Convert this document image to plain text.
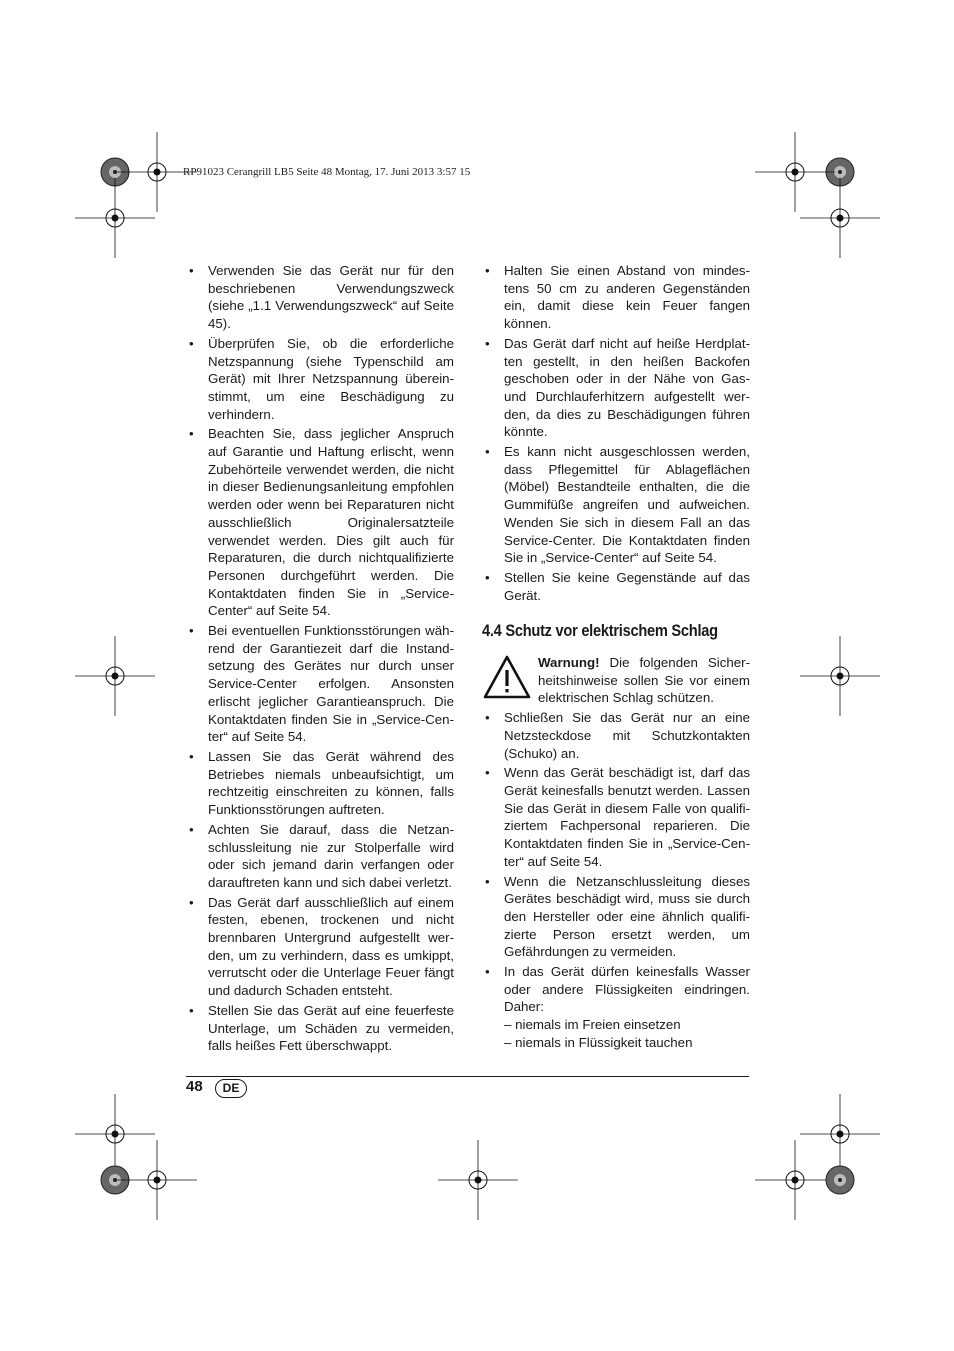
RP91023 Cerangrill LB5 Seite 48 Montag, 17. Juni 2013 3:57 15
• Verwenden Sie das Gerät nur für den beschriebenen Verwendungszweck (siehe „1.1 Verwendungszweck“ auf Seite 45).
• Überprüfen Sie, ob die erforderliche Netzspannung (siehe Typenschild am Gerät) mit Ihrer Netzspannung übereinstimmt, um eine Beschädigung zu verhindern.
• Beachten Sie, dass jeglicher Anspruch auf Garantie und Haftung erlischt, wenn Zubehörteile verwendet werden, die nicht in dieser Bedienungsanleitung empfohlen werden oder wenn bei Reparaturen nicht ausschließlich Originalersatzteile verwendet werden. Dies gilt auch für Reparaturen, die durch nichtqualifizierte Personen durchgeführt werden. Die Kontaktdaten finden Sie in „Service-Center“ auf Seite 54.
• Bei eventuellen Funktionsstörungen während der Garantiezeit darf die Instandsetzung des Gerätes nur durch unser Service-Center erfolgen. Ansonsten erlischt jeglicher Garantieanspruch. Die Kontaktdaten finden Sie in „Service-Center“ auf Seite 54.
• Lassen Sie das Gerät während des Betriebes niemals unbeaufsichtigt, um rechtzeitig einschreiten zu können, falls Funktionsstörungen auftreten.
• Achten Sie darauf, dass die Netzanschlussleitung nie zur Stolperfalle wird oder sich jemand darin verfangen oder darauftreten kann und sich dabei verletzt.
• Das Gerät darf ausschließlich auf einem festen, ebenen, trockenen und nicht brennbaren Untergrund aufgestellt werden, um zu verhindern, dass es umkippt, verrutscht oder die Unterlage Feuer fängt und dadurch Schaden entsteht.
• Stellen Sie das Gerät auf eine feuerfeste Unterlage, um Schäden zu vermeiden, falls heißes Fett überschwappt.
• Halten Sie einen Abstand von mindestens 50 cm zu anderen Gegenständen ein, damit diese kein Feuer fangen können.
• Das Gerät darf nicht auf heiße Herdplatten gestellt, in den heißen Backofen geschoben oder in der Nähe von Gas- und Durchlauferhitzern aufgestellt werden, da dies zu Beschädigungen führen könnte.
• Es kann nicht ausgeschlossen werden, dass Pflegemittel für Ablageflächen (Möbel) Bestandteile enthalten, die die Gummifüße angreifen und aufweichen. Wenden Sie sich in diesem Fall an das Service-Center. Die Kontaktdaten finden Sie in „Service-Center“ auf Seite 54.
• Stellen Sie keine Gegenstände auf das Gerät.
4.4 Schutz vor elektrischem Schlag
Warnung! Die folgenden Sicherheitshinweise sollen Sie vor einem elektrischen Schlag schützen.
• Schließen Sie das Gerät nur an eine Netzsteckdose mit Schutzkontakten (Schuko) an.
• Wenn das Gerät beschädigt ist, darf das Gerät keinesfalls benutzt werden. Lassen Sie das Gerät in diesem Falle von qualifiziertem Fachpersonal reparieren. Die Kontaktdaten finden Sie in „Service-Center“ auf Seite 54.
• Wenn die Netzanschlussleitung dieses Gerätes beschädigt wird, muss sie durch den Hersteller oder eine ähnlich qualifizierte Person ersetzt werden, um Gefährdungen zu vermeiden.
• In das Gerät dürfen keinesfalls Wasser oder andere Flüssigkeiten eindringen. Daher:
– niemals im Freien einsetzen
– niemals in Flüssigkeit tauchen
48	DE
